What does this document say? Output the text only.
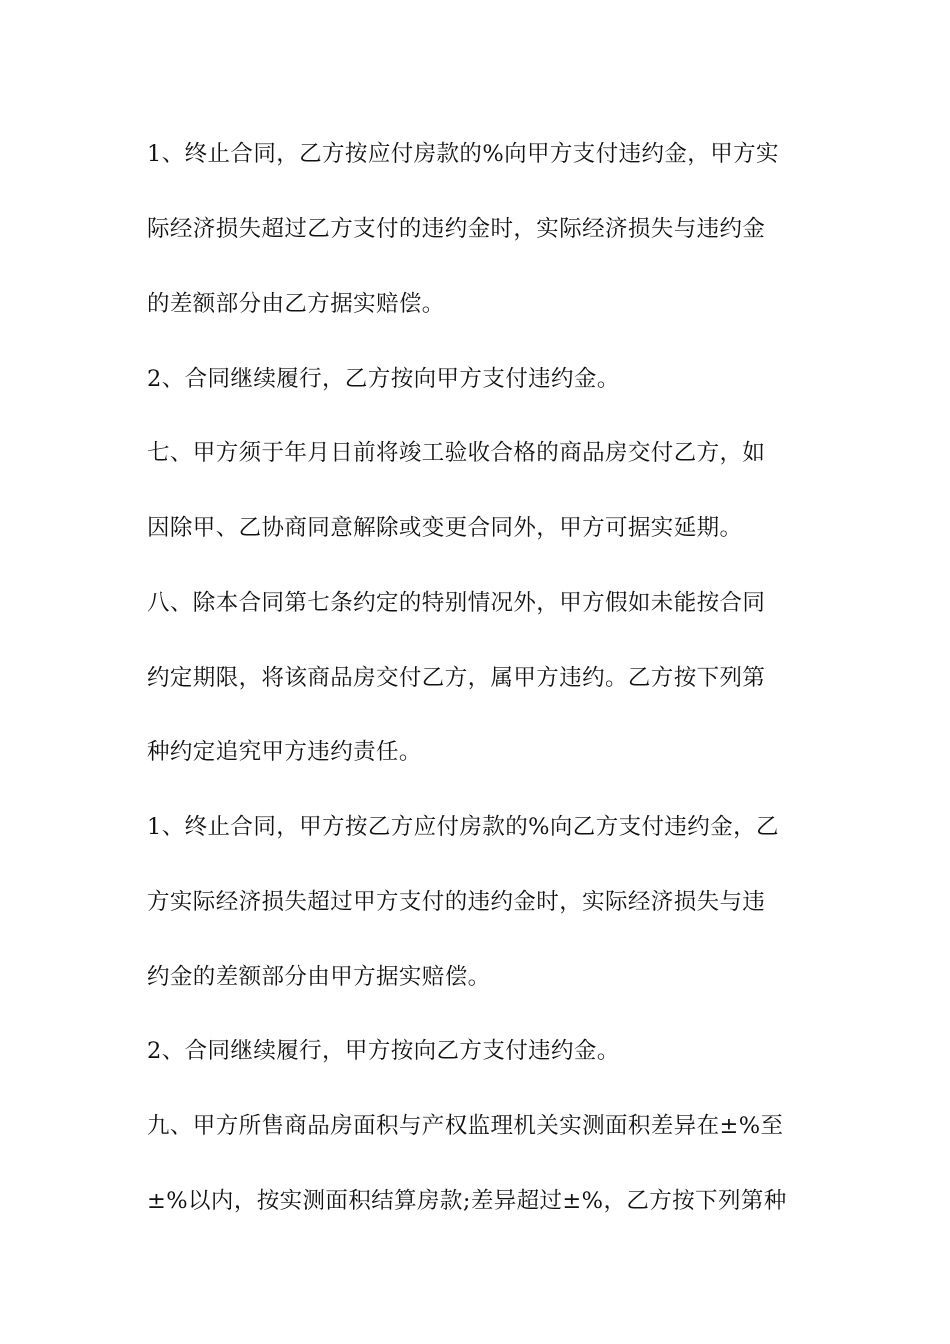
1、终止合同，乙方按应付房款的%向甲方支付违约金，甲方实
际经济损失超过乙方支付的违约金时，实际经济损失与违约金
的差额部分由乙方据实赔偿。
2、合同继续履行，乙方按向甲方支付违约金。
七、甲方须于年月日前将竣工验收合格的商品房交付乙方，如
因除甲、乙协商同意解除或变更合同外，甲方可据实延期。
八、除本合同第七条约定的特别情况外，甲方假如未能按合同
约定期限，将该商品房交付乙方，属甲方违约。乙方按下列第
种约定追究甲方违约责任。
1、终止合同，甲方按乙方应付房款的%向乙方支付违约金，乙
方实际经济损失超过甲方支付的违约金时，实际经济损失与违
约金的差额部分由甲方据实赔偿。
2、合同继续履行，甲方按向乙方支付违约金。
九、甲方所售商品房面积与产权监理机关实测面积差异在±%至
±%以内，按实测面积结算房款;差异超过±%，乙方按下列第种
